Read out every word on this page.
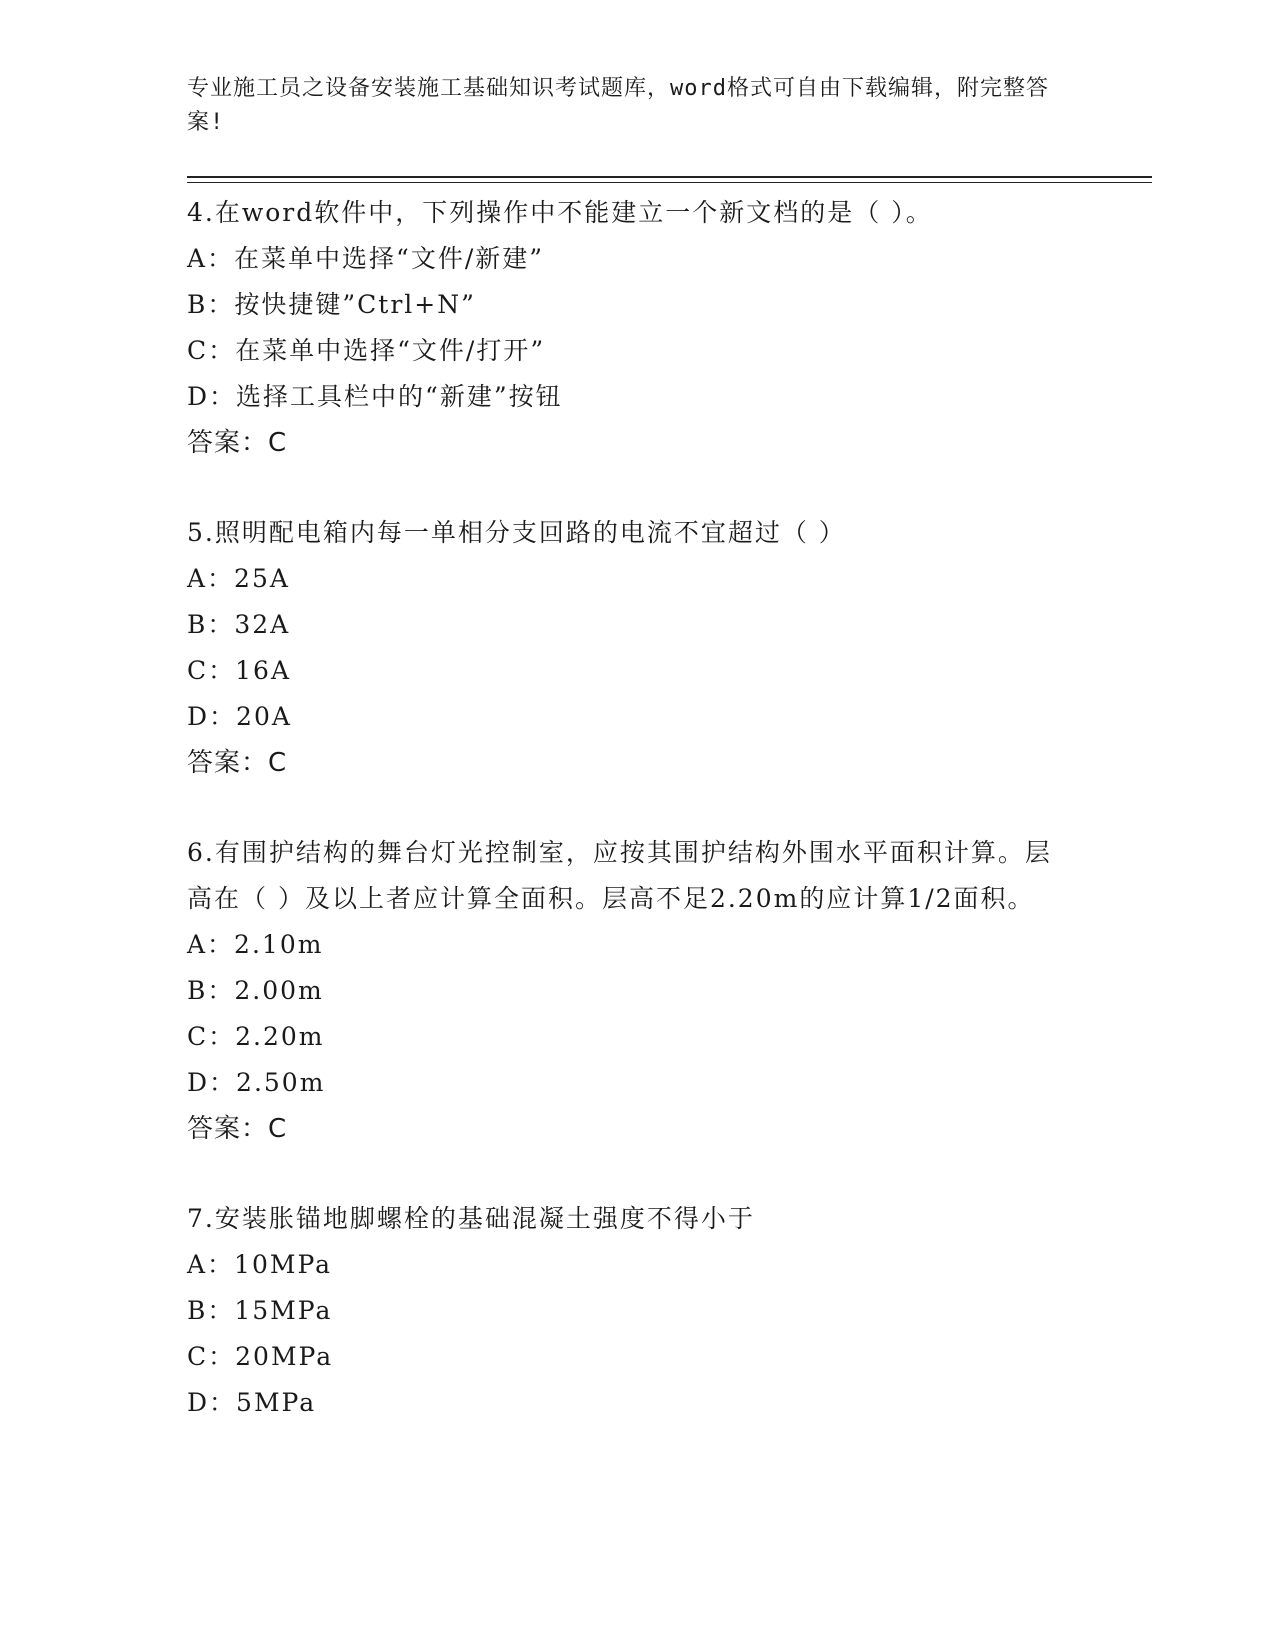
专业施工员之设备安装施工基础知识考试题库，word格式可自由下载编辑，附完整答案!
4.在word软件中，下列操作中不能建立一个新文档的是（ ）。
A：在菜单中选择“文件/新建”
B：按快捷键”Ctrl+N”
C：在菜单中选择“文件/打开”
D：选择工具栏中的“新建”按钮
答案：C
5.照明配电箱内每一单相分支回路的电流不宜超过（ ）
A：25A
B：32A
C：16A
D：20A
答案：C
6.有围护结构的舞台灯光控制室，应按其围护结构外围水平面积计算。层高在（ ）及以上者应计算全面积。层高不足2.20m的应计算1/2面积。
A：2.10m
B：2.00m
C：2.20m
D：2.50m
答案：C
7.安装胀锚地脚螺栓的基础混凝土强度不得小于
A：10MPa
B：15MPa
C：20MPa
D：5MPa
